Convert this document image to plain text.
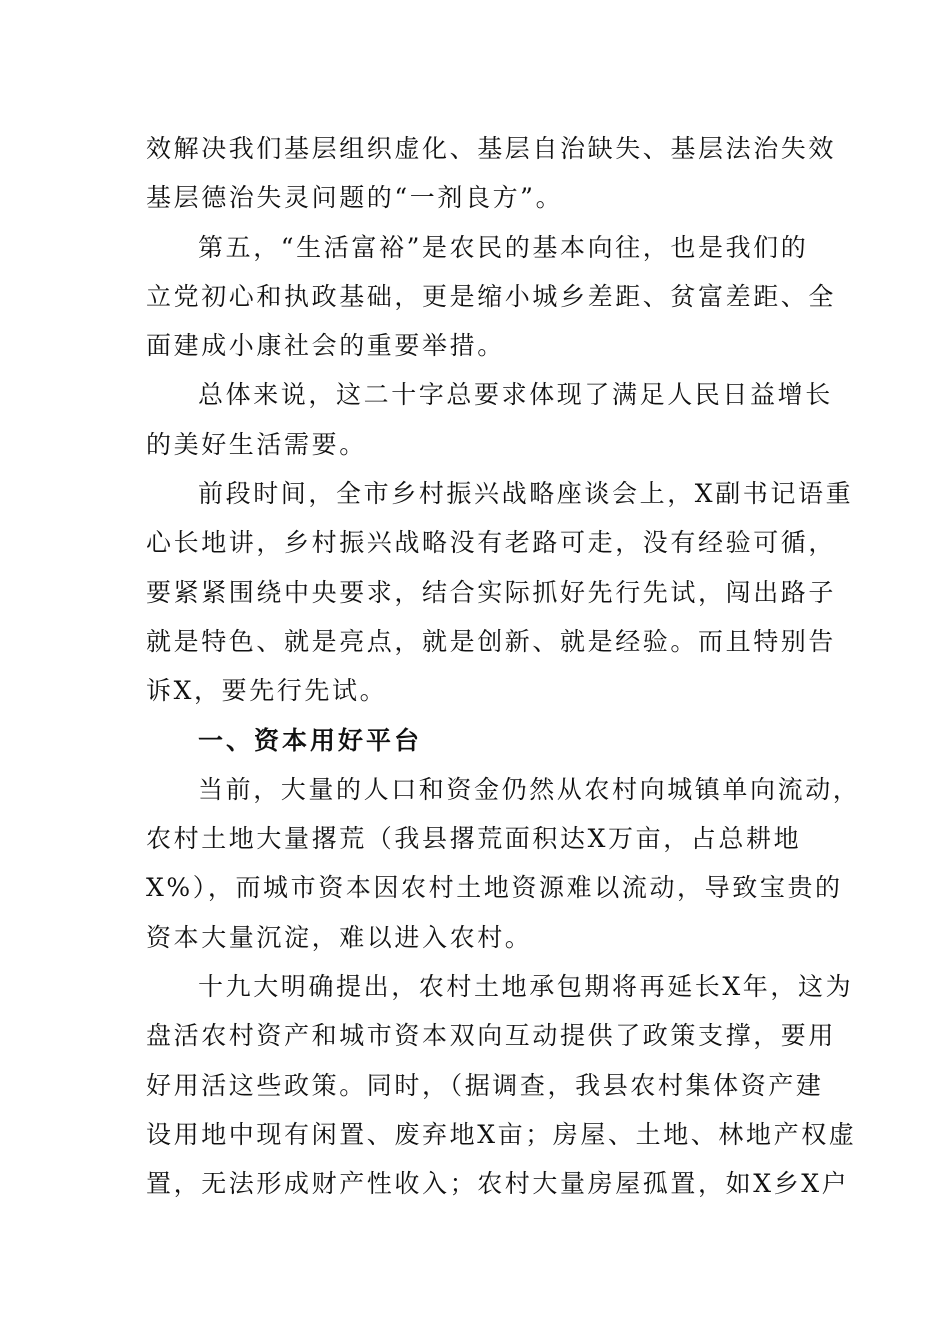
效解决我们基层组织虚化、基层自治缺失、基层法治失效
基层德治失灵问题的“一剂良方”。
第五，“生活富裕”是农民的基本向往，也是我们的
立党初心和执政基础，更是缩小城乡差距、贫富差距、全
面建成小康社会的重要举措。
总体来说，这二十字总要求体现了满足人民日益增长
的美好生活需要。
前段时间，全市乡村振兴战略座谈会上，X副书记语重
心长地讲，乡村振兴战略没有老路可走，没有经验可循，
要紧紧围绕中央要求，结合实际抓好先行先试，闯出路子
就是特色、就是亮点，就是创新、就是经验。而且特别告
诉X，要先行先试。
一、资本用好平台
当前，大量的人口和资金仍然从农村向城镇单向流动，
农村土地大量撂荒（我县撂荒面积达X万亩，占总耕地
X%），而城市资本因农村土地资源难以流动，导致宝贵的
资本大量沉淀，难以进入农村。
十九大明确提出，农村土地承包期将再延长X年，这为
盘活农村资产和城市资本双向互动提供了政策支撑，要用
好用活这些政策。同时，（据调查，我县农村集体资产建
设用地中现有闲置、废弃地X亩；房屋、土地、林地产权虚
置，无法形成财产性收入；农村大量房屋孤置，如X乡X户
